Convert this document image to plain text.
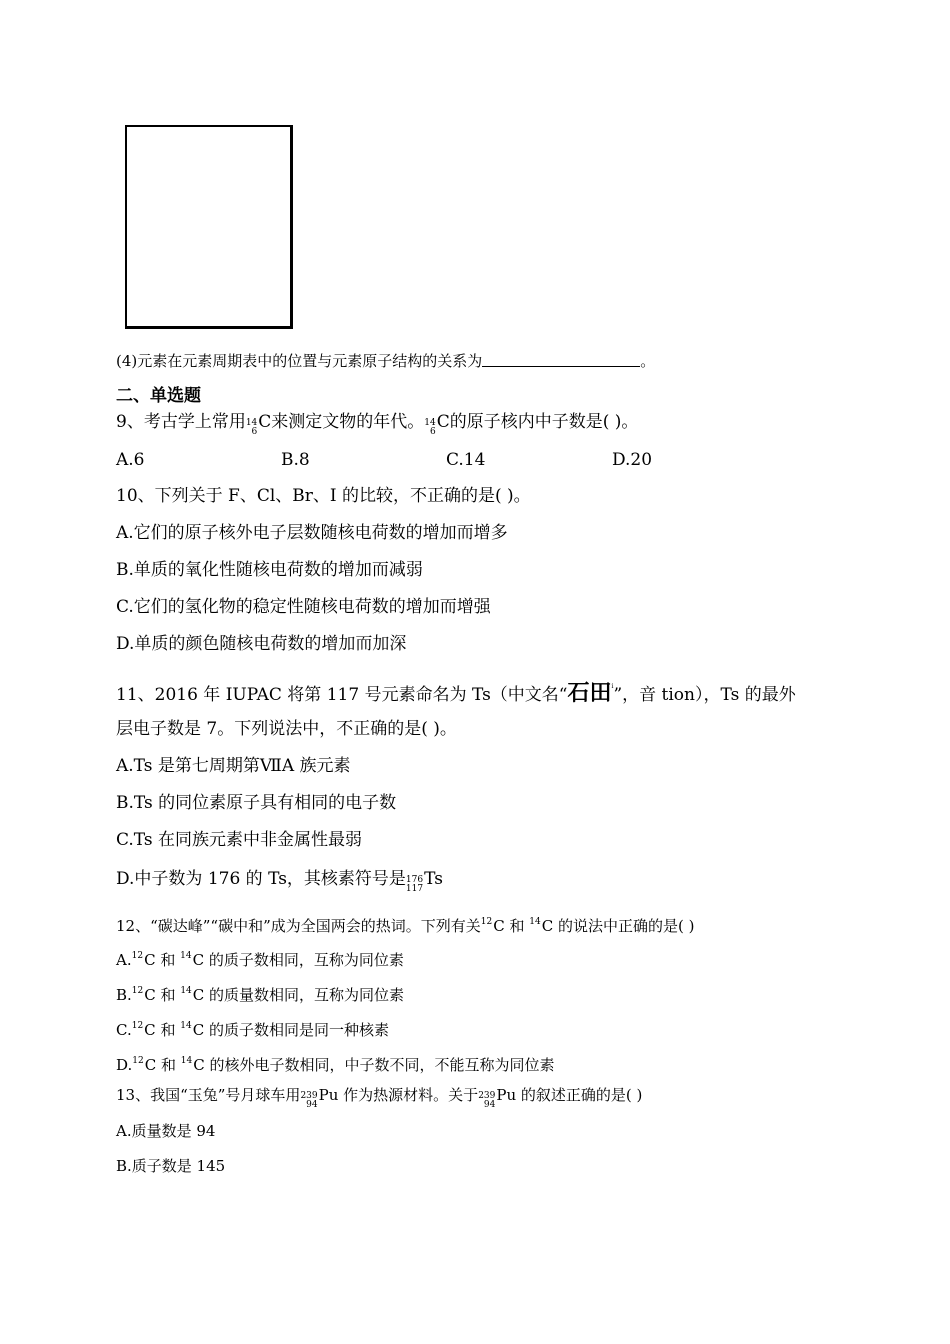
(4)元素在元素周期表中的位置与元素原子结构的关系为	。
二、单选题
9、考古学上常用 14
6 C来测定文物的年代。 14
6 C的原子核内中子数是( )。
A.6	B.8	C.14	D.20
10、下列关于 F、Cl、Br、I 的比较，不正确的是( )。
A.它们的原子核外电子层数随核电荷数的增加而增多
B.单质的氧化性随核电荷数的增加而减弱
C.它们的氢化物的稳定性随核电荷数的增加而增强
D.单质的颜色随核电荷数的增加而加深
11、2016 年 IUPAC 将第 117 号元素命名为 Ts（中文名“石田$^i$”，音 tion），Ts 的最外
层电子数是 7。下列说法中，不正确的是( )。
A.Ts 是第七周期第ⅦA 族元素
B.Ts 的同位素原子具有相同的电子数
C.Ts 在同族元素中非金属性最弱
D.中子数为 176 的 Ts，其核素符号是 176
117 Ts
12、“碳达峰”“碳中和”成为全国两会的热词。下列有关$^{12}$C 和 $^{14}$C 的说法中正确的是( )
A.$^{12}$C 和 $^{14}$C 的质子数相同，互称为同位素
B.$^{12}$C 和 $^{14}$C 的质量数相同，互称为同位素
C.$^{12}$C 和 $^{14}$C 的质子数相同是同一种核素
D.$^{12}$C 和 $^{14}$C 的核外电子数相同，中子数不同，不能互称为同位素
13、我国“玉兔”号月球车用 239
94
Pu 作为热源材料。关于 239
94
Pu 的叙述正确的是( )
A.质量数是 94
B.质子数是 145
